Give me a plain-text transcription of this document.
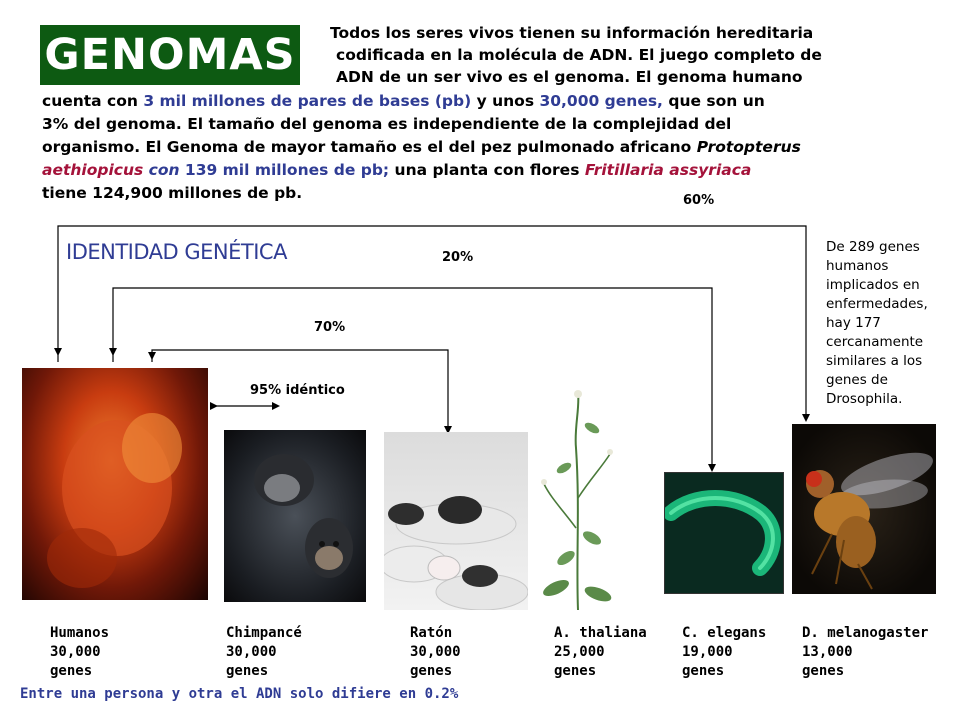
GENOMAS Todos los seres vivos tienen su información hereditaria
codificada en la molécula de ADN. El juego completo de
ADN de un ser vivo es el genoma. El genoma humano
cuenta con 3 mil millones de pares de bases (pb) y unos 30,000 genes, que son un
3% del genoma. El tamaño del genoma es independiente de la complejidad del
organismo. El Genoma de mayor tamaño es el del pez pulmonado africano Protopterus
aethiopicus con 139 mil millones de pb; una planta con flores Fritillaria assyriaca
tiene 124,900 millones de pb.
IDENTIDAD GENÉTICA
60%
20%
70%
95% idéntico
De 289 genes
humanos
implicados en
enfermedades,
hay 177
cercanamente
similares a los
genes de
Drosophila.
Humanos
30,000
genes
Chimpancé
30,000
genes
Ratón
30,000
genes
A. thaliana
25,000
genes
C. elegans
19,000
genes
D. melanogaster
13,000
genes
Entre una persona y otra el ADN solo difiere en 0.2%
